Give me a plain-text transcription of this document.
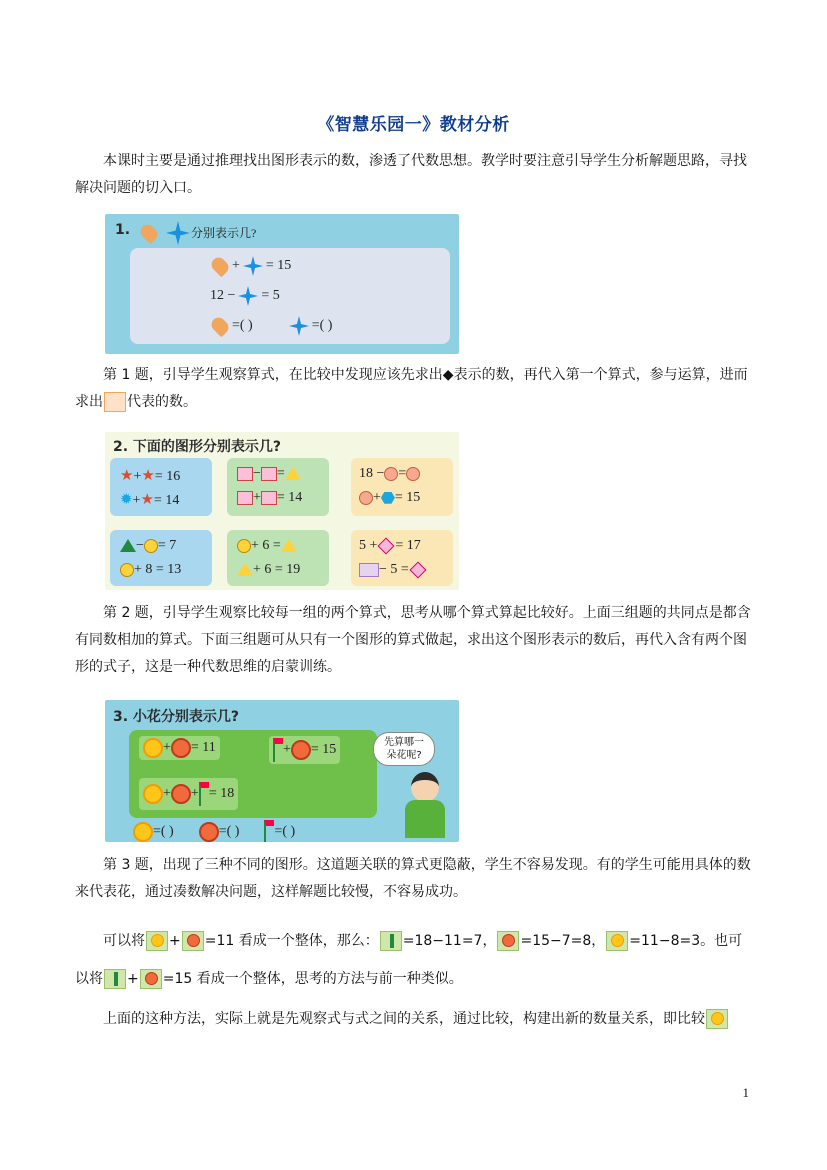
《智慧乐园一》教材分析

本课时主要是通过推理找出图形表示的数，渗透了代数思想。教学时要注意引导学生分析解题思路，寻找解决问题的切入口。

1.	分别表示几?
+ = 15
12 − = 5
=( )	=( )

第 1 题，引导学生观察算式，在比较中发现应该先求出◆表示的数，再代入第一个算式，参与运算，进而求出 代表的数。

2. 下面的图形分别表示几?
★+★= 16
✹+★= 14
− =
+ = 14
18 − =
+ = 15
− = 7
+ 8 = 13
+ 6 =
+ 6 = 19
5 + = 17
− 5 =

第 2 题，引导学生观察比较每一组的两个算式，思考从哪个算式算起比较好。上面三组题的共同点是都含有同数相加的算式。下面三组题可从只有一个图形的算式做起，求出这个图形表示的数后，再代入含有两个图形的式子，这是一种代数思维的启蒙训练。

3. 小花分别表示几?
+ = 11	+ = 15
+ + = 18
先算哪一朵花呢?
=( )	=( )	=( )

第 3 题，出现了三种不同的图形。这道题关联的算式更隐蔽，学生不容易发现。有的学生可能用具体的数来代表花，通过凑数解决问题，这样解题比较慢，不容易成功。

可以将 + =11 看成一个整体，那么： =18−11=7， =15−7=8， =11−8=3。也可
以将 + =15 看成一个整体，思考的方法与前一种类似。

上面的这种方法，实际上就是先观察式与式之间的关系，通过比较，构建出新的数量关系，即比较

1
